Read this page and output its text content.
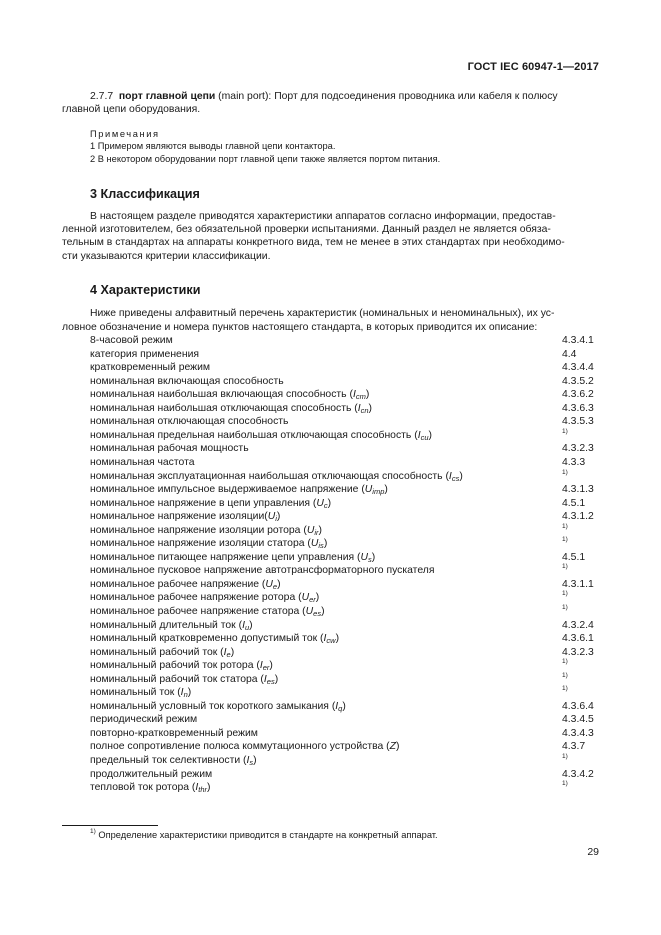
ГОСТ IEC 60947-1—2017

2.7.7 порт главной цепи (main port): Порт для подсоединения проводника или кабеля к полюсу

главной цепи оборудования.

Примечания
1 Примером являются выводы главной цепи контактора.
2 В некотором оборудовании порт главной цепи также является портом питания.
3 Классификация

В настоящем разделе приводятся характеристики аппаратов согласно информации, предостав-

ленной изготовителем, без обязательной проверки испытаниями. Данный раздел не является обяза-

тельным в стандартах на аппараты конкретного вида, тем не менее в этих стандартах при необходимо-

сти указываются критерии классификации.

4 Характеристики

Ниже приведены алфавитный перечень характеристик (номинальных и неноминальных), их ус-

ловное обозначение и номера пунктов настоящего стандарта, в которых приводится их описание:

8-часовой режим	4.3.4.1
категория применения	4.4
кратковременный режим	4.3.4.4
номинальная включающая способность	4.3.5.2
номинальная наибольшая включающая способность $(I_{cm})$	4.3.6.2
номинальная наибольшая отключающая способность $(I_{cn})$	4.3.6.3
номинальная отключающая способность	4.3.5.3
номинальная предельная наибольшая отключающая способность $(I_{cu})$	$^{1)}$
номинальная рабочая мощность	4.3.2.3
номинальная частота	4.3.3
номинальная эксплуатационная наибольшая отключающая способность $(I_{cs})$	$^{1)}$
номинальное импульсное выдерживаемое напряжение $(U_{imp})$	4.3.1.3
номинальное напряжение в цепи управления $(U_c)$	4.5.1
номинальное напряжение $изоляции(U_i)$	4.3.1.2
номинальное напряжение изоляции ротора $(U_{ir})$	$^{1)}$
номинальное напряжение изоляции статора $(U_{is})$	$^{1)}$
номинальное питающее напряжение цепи управления $(U_s)$	4.5.1
номинальное пусковое напряжение автотрансформаторного пускателя	$^{1)}$
номинальное рабочее напряжение $(U_e)$	4.3.1.1
номинальное рабочее напряжение ротора $(U_{er})$	$^{1)}$
номинальное рабочее напряжение статора $(U_{es})$	$^{1)}$
номинальный длительный ток $(I_u)$	4.3.2.4
номинальный кратковременно допустимый ток $(I_{cw})$	4.3.6.1
номинальный рабочий ток $(I_e)$	4.3.2.3
номинальный рабочий ток ротора $(I_{er})$	$^{1)}$
номинальный рабочий ток статора $(I_{es})$	$^{1)}$
номинальный ток $(I_n)$	$^{1)}$
номинальный условный ток короткого замыкания $(I_q)$	4.3.6.4
периодический режим	4.3.4.5
повторно-кратковременный режим	4.3.4.3
полное сопротивление полюса коммутационного устройства (Z)	4.3.7
предельный ток селективности $(I_s)$	$^{1)}$
продолжительный режим	4.3.4.2
тепловой ток ротора $(I_{thr})$	$^{1)}$
$^{1)}$ Определение характеристики приводится в стандарте на конкретный аппарат.
29
